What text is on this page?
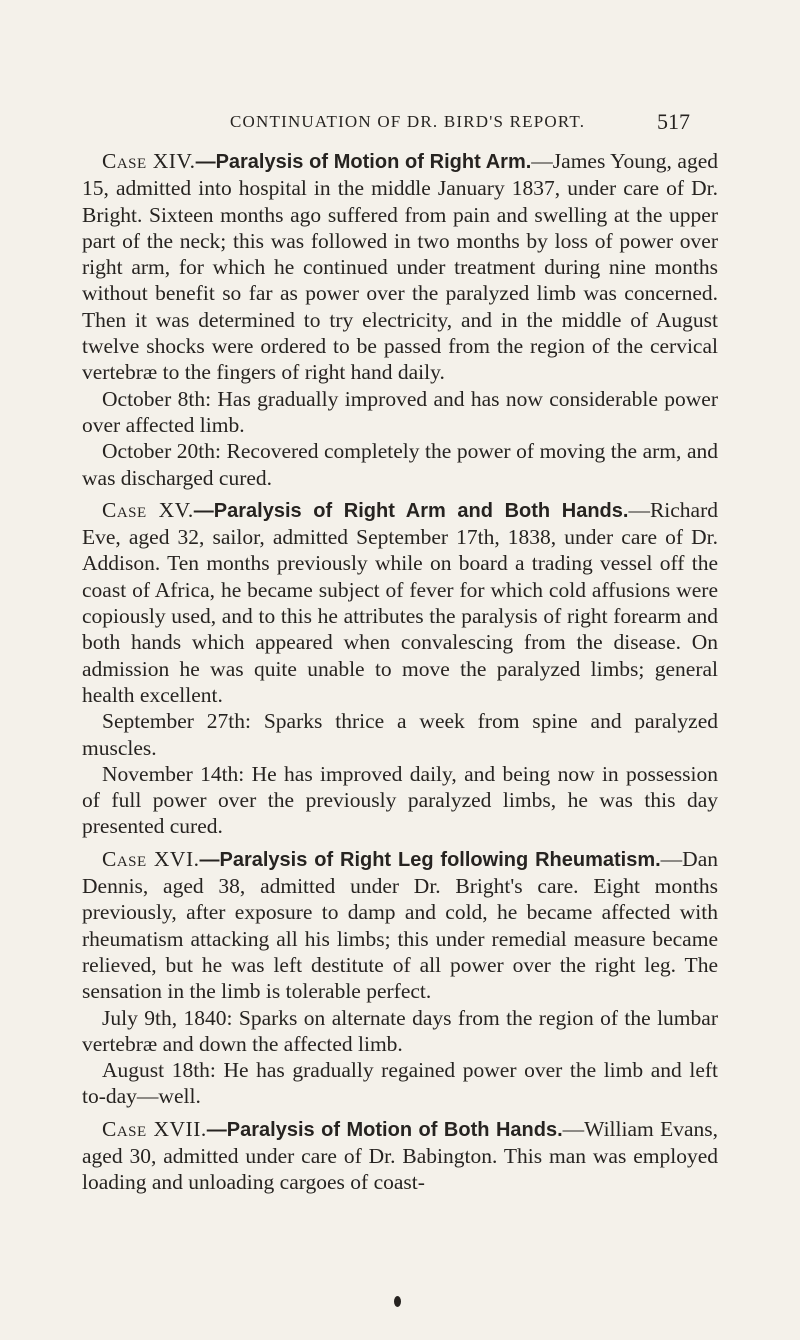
CONTINUATION OF DR. BIRD'S REPORT.	517

Case XIV.—Paralysis of Motion of Right Arm.—James Young, aged 15, admitted into hospital in the middle January 1837, under care of Dr. Bright. Sixteen months ago suffered from pain and swelling at the upper part of the neck; this was followed in two months by loss of power over right arm, for which he continued under treatment during nine months without benefit so far as power over the paralyzed limb was concerned. Then it was determined to try electricity, and in the middle of August twelve shocks were ordered to be passed from the region of the cervical vertebræ to the fingers of right hand daily.

October 8th: Has gradually improved and has now considerable power over affected limb.

October 20th: Recovered completely the power of moving the arm, and was discharged cured.

Case XV.—Paralysis of Right Arm and Both Hands.—Richard Eve, aged 32, sailor, admitted September 17th, 1838, under care of Dr. Addison. Ten months previously while on board a trading vessel off the coast of Africa, he became subject of fever for which cold affusions were copiously used, and to this he attributes the paralysis of right forearm and both hands which appeared when convalescing from the disease. On admission he was quite unable to move the paralyzed limbs; general health excellent.

September 27th: Sparks thrice a week from spine and paralyzed muscles.

November 14th: He has improved daily, and being now in possession of full power over the previously paralyzed limbs, he was this day presented cured.

Case XVI.—Paralysis of Right Leg following Rheumatism.—Dan Dennis, aged 38, admitted under Dr. Bright's care. Eight months previously, after exposure to damp and cold, he became affected with rheumatism attacking all his limbs; this under remedial measure became relieved, but he was left destitute of all power over the right leg. The sensation in the limb is tolerable perfect.

July 9th, 1840: Sparks on alternate days from the region of the lumbar vertebræ and down the affected limb.

August 18th: He has gradually regained power over the limb and left to-day—well.

Case XVII.—Paralysis of Motion of Both Hands.—William Evans, aged 30, admitted under care of Dr. Babington. This man was employed loading and unloading cargoes of coast-
